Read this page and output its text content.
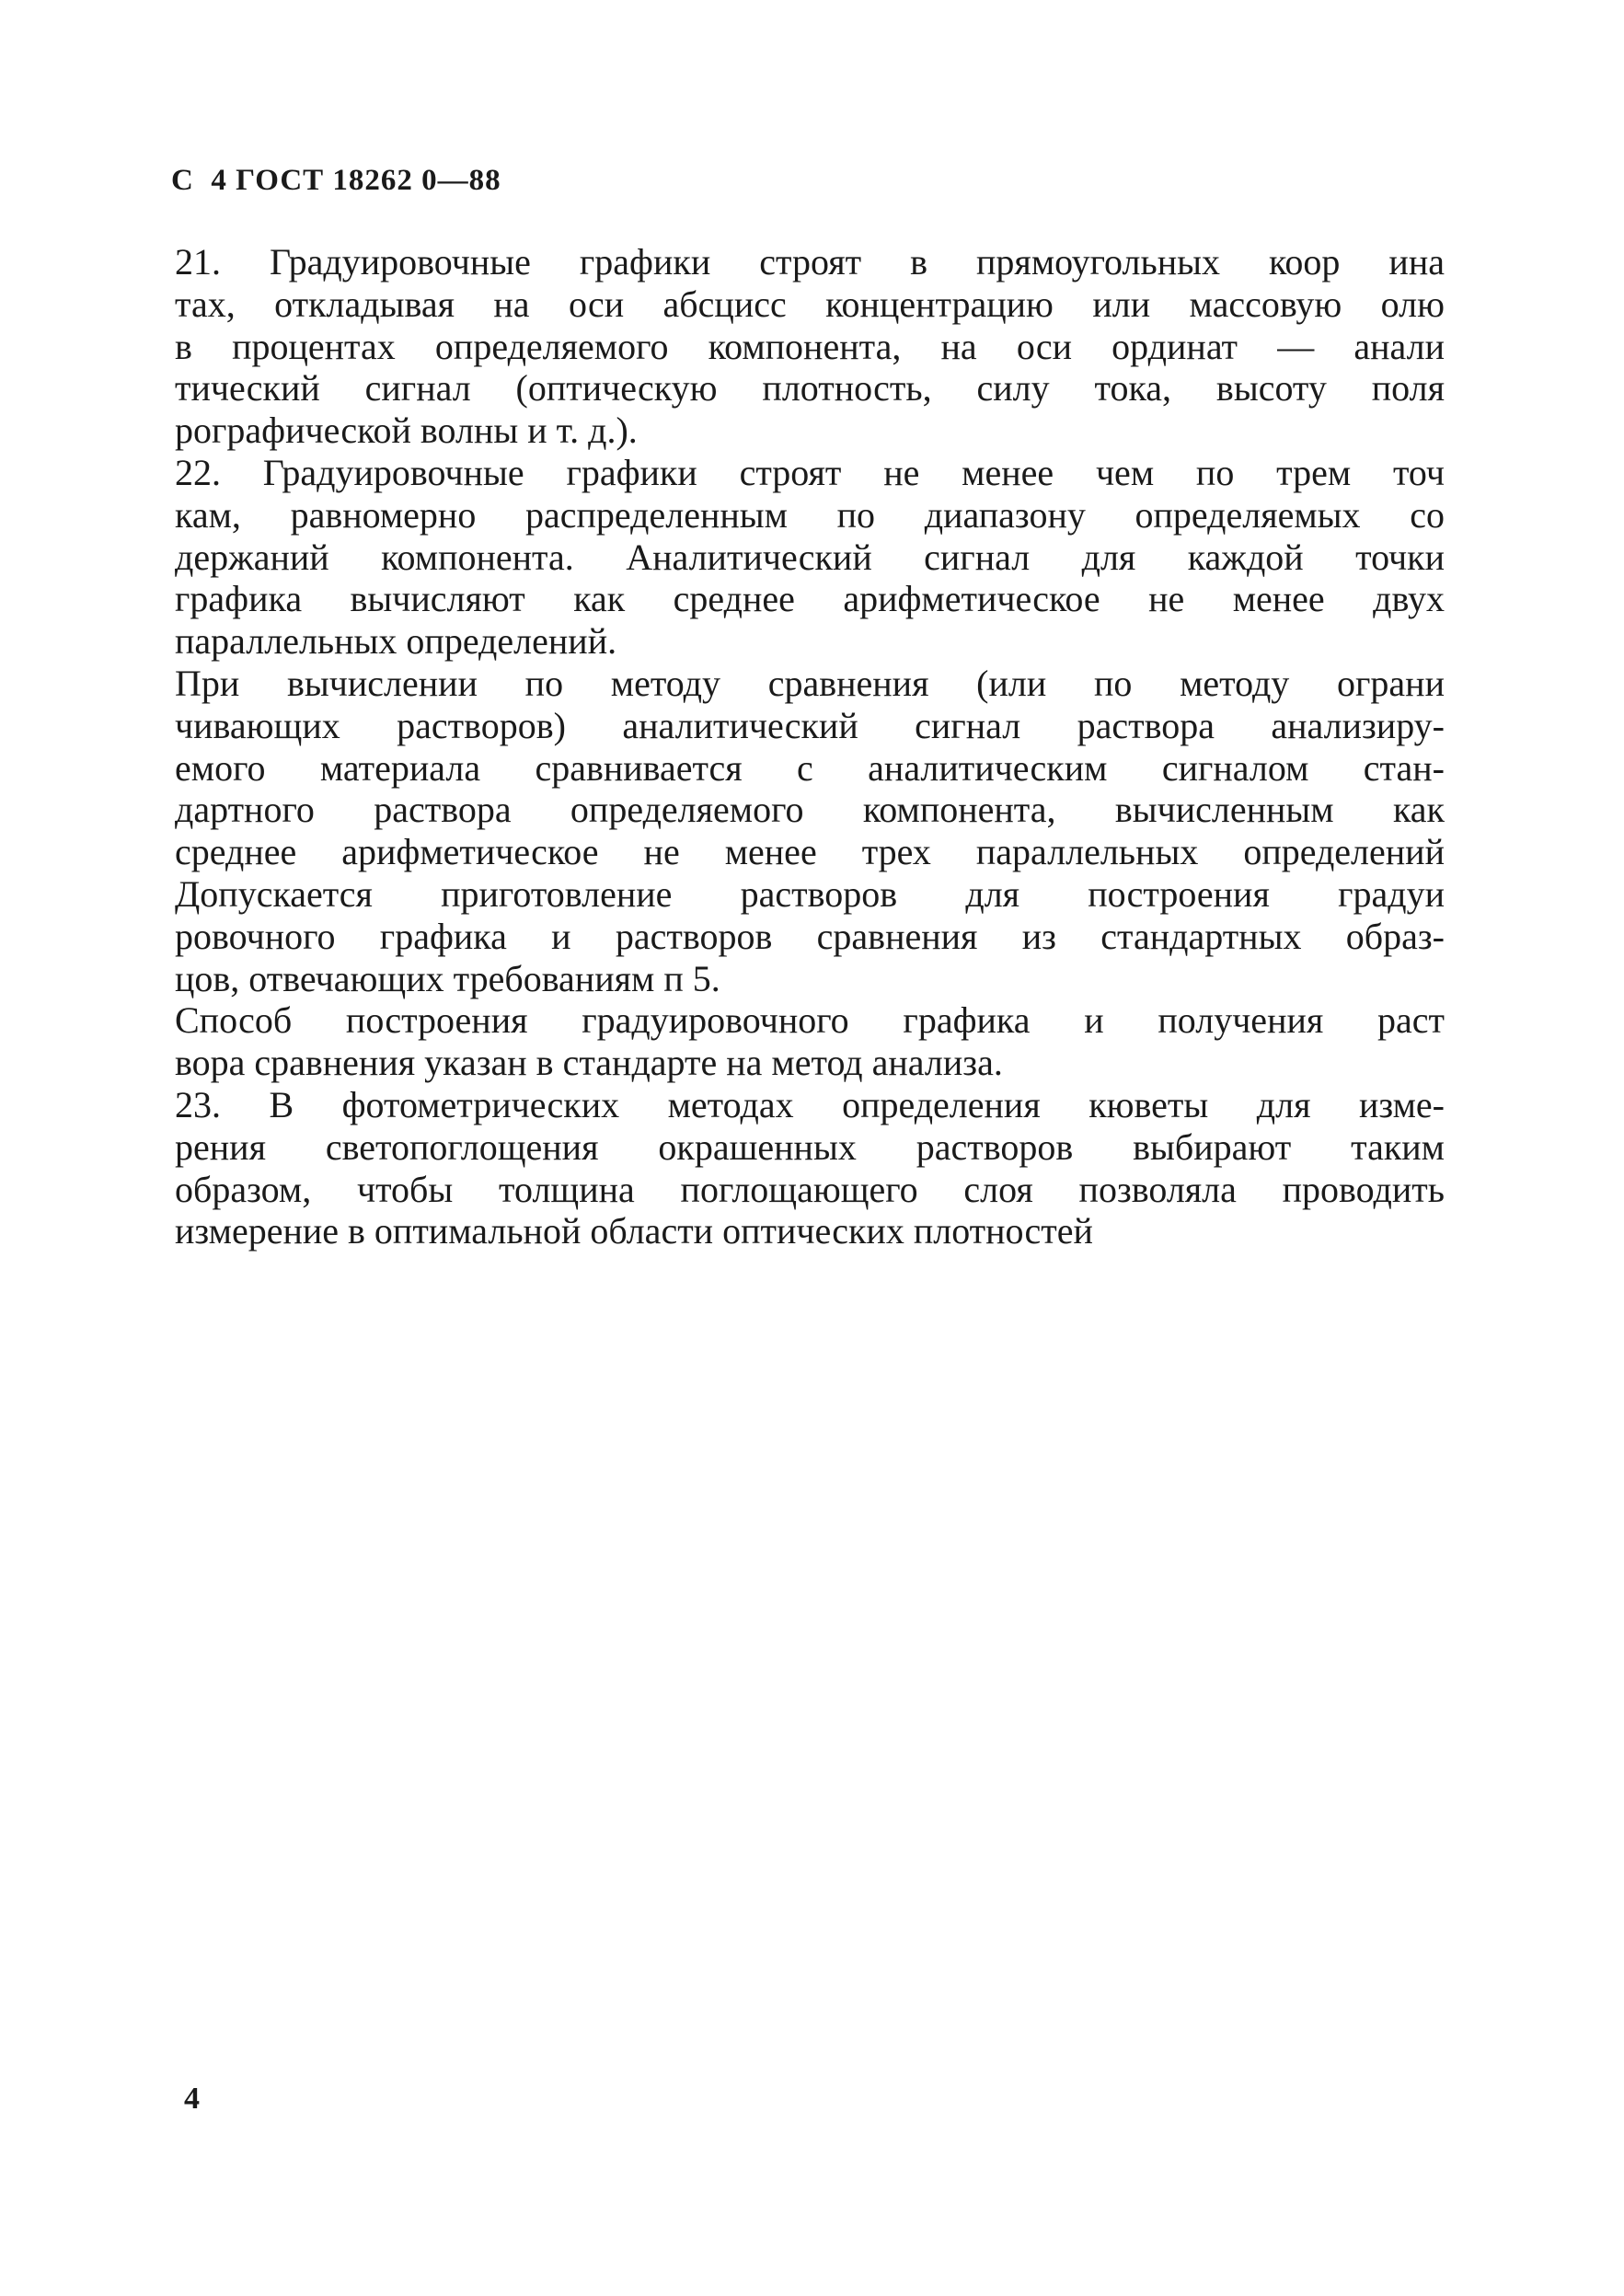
С  4 ГОСТ 18262 0—88
21. Градуировочные графики строят в прямоугольных коор ина
тах, откладывая на оси абсцисс концентрацию или массовую олю
в процентах определяемого компонента, на оси ординат — анали
тический сигнал (оптическую плотность, силу тока, высоту поля
рографической волны и т. д.).
22. Градуировочные графики строят не менее чем по трем точ
кам, равномерно распределенным по диапазону определяемых со
держаний компонента. Аналитический сигнал для каждой точки
графика вычисляют как среднее арифметическое не менее двух
параллельных определений.
При вычислении по методу сравнения (или по методу ограни
чивающих растворов) аналитический сигнал раствора анализиру-
емого материала сравнивается с аналитическим сигналом стан-
дартного раствора определяемого компонента, вычисленным как
среднее арифметическое не менее трех параллельных определений
Допускается приготовление растворов для построения градуи
ровочного графика и растворов сравнения из стандартных образ-
цов, отвечающих требованиям п 5.
Способ построения градуировочного графика и получения раст
вора сравнения указан в стандарте на метод анализа.
23. В фотометрических методах определения кюветы для изме-
рения светопоглощения окрашенных растворов выбирают таким
образом, чтобы толщина поглощающего слоя позволяла проводить
измерение в оптимальной области оптических плотностей
4
